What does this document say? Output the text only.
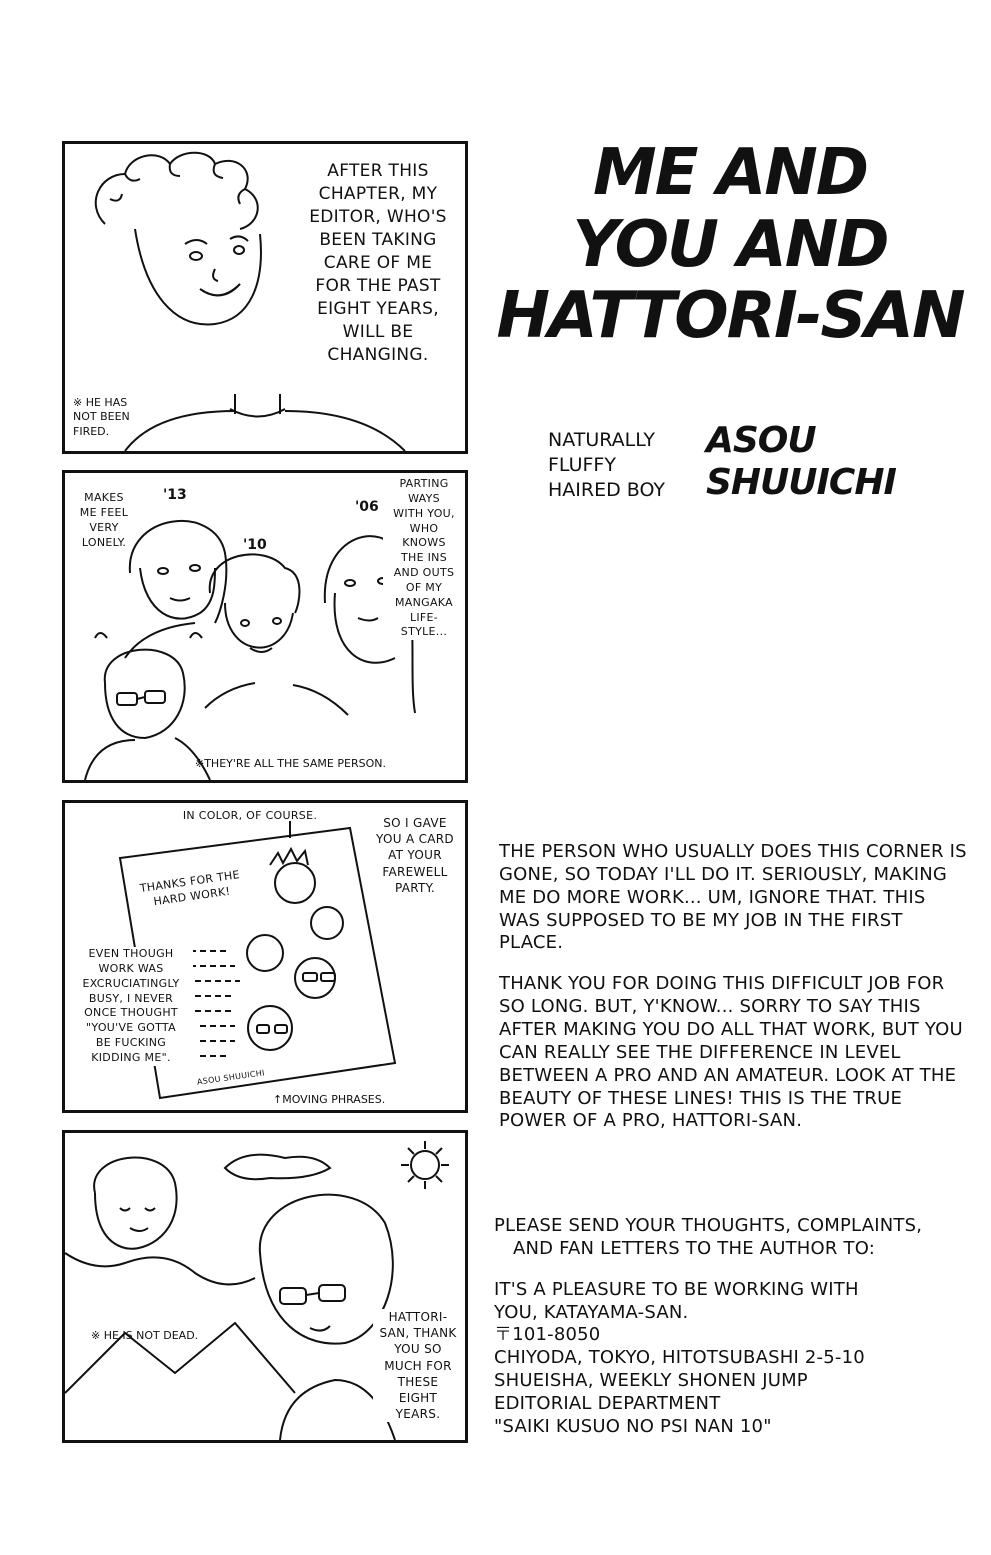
AFTER THIS
CHAPTER, MY
EDITOR, WHO'S
BEEN TAKING
CARE OF ME
FOR THE PAST
EIGHT YEARS,
WILL BE
CHANGING.
※ HE HAS
NOT BEEN
FIRED.
'13
'10
'06
MAKES
ME FEEL
VERY
LONELY.
PARTING
WAYS
WITH YOU,
WHO
KNOWS
THE INS
AND OUTS
OF MY
MANGAKA
LIFE-
STYLE...
※THEY'RE ALL THE SAME PERSON.
IN COLOR, OF COURSE.
SO I GAVE
YOU A CARD
AT YOUR
FAREWELL
PARTY.
THANKS FOR THE
HARD WORK!
EVEN THOUGH
WORK WAS
EXCRUCIATINGLY
BUSY, I NEVER
ONCE THOUGHT
"YOU'VE GOTTA
BE FUCKING
KIDDING ME".
ASOU SHUUICHI
↑MOVING PHRASES.
※ HE IS NOT DEAD.
HATTORI-
SAN, THANK
YOU SO
MUCH FOR
THESE
EIGHT
YEARS.
ME AND
YOU AND
HATTORI-SAN
NATURALLY
FLUFFY
HAIRED BOY
ASOU
SHUUICHI

THE PERSON WHO USUALLY DOES THIS CORNER IS GONE, SO TODAY I'LL DO IT. SERIOUSLY, MAKING ME DO MORE WORK... UM, IGNORE THAT. THIS WAS SUPPOSED TO BE MY JOB IN THE FIRST PLACE.

THANK YOU FOR DOING THIS DIFFICULT JOB FOR SO LONG. BUT, Y'KNOW... SORRY TO SAY THIS AFTER MAKING YOU DO ALL THAT WORK, BUT YOU CAN REALLY SEE THE DIFFERENCE IN LEVEL BETWEEN A PRO AND AN AMATEUR. LOOK AT THE BEAUTY OF THESE LINES! THIS IS THE TRUE POWER OF A PRO, HATTORI-SAN.

PLEASE SEND YOUR THOUGHTS, COMPLAINTS,
AND FAN LETTERS TO THE AUTHOR TO:
IT'S A PLEASURE TO BE WORKING WITH
YOU, KATAYAMA-SAN.
〒101-8050
CHIYODA, TOKYO, HITOTSUBASHI 2-5-10
SHUEISHA, WEEKLY SHONEN JUMP
EDITORIAL DEPARTMENT
"SAIKI KUSUO NO PSI NAN 10"
